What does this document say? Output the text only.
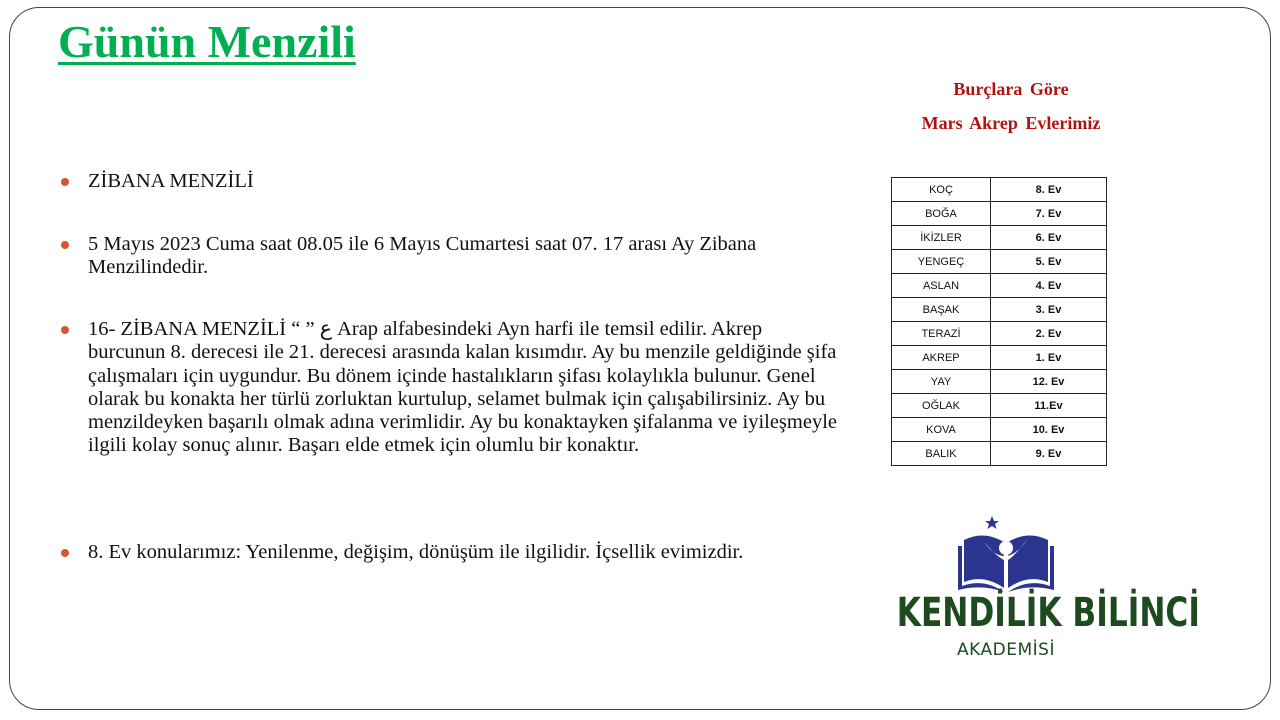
Günün Menzili
Burçlara Göre
Mars Akrep Evlerimiz
ZİBANA MENZİLİ
5 Mayıs 2023 Cuma saat 08.05 ile 6 Mayıs Cumartesi saat 07. 17 arası Ay Zibana Menzilindedir.
16- ZİBANA MENZİLİ “ ” ع Arap alfabesindeki Ayn harfi ile temsil edilir. Akrep burcunun 8. derecesi ile 21. derecesi arasında kalan kısımdır. Ay bu menzile geldiğinde şifa çalışmaları için uygundur. Bu dönem içinde hastalıkların şifası kolaylıkla bulunur. Genel olarak bu konakta her türlü zorluktan kurtulup, selamet bulmak için çalışabilirsiniz. Ay bu menzildeyken başarılı olmak adına verimlidir. Ay bu konaktayken şifalanma ve iyileşmeyle ilgili kolay sonuç alınır. Başarı elde etmek için olumlu bir konaktır.
8. Ev konularımız: Yenilenme, değişim, dönüşüm ile ilgilidir. İçsellik evimizdir.
KOÇ	8. Ev
BOĞA	7. Ev
İKİZLER	6. Ev
YENGEÇ	5. Ev
ASLAN	4. Ev
BAŞAK	3. Ev
TERAZİ	2. Ev
AKREP	1. Ev
YAY	12. Ev
OĞLAK	11.Ev
KOVA	10. Ev
BALIK	9. Ev
KENDİLİK BİLİNCİ
AKADEMİSİ
